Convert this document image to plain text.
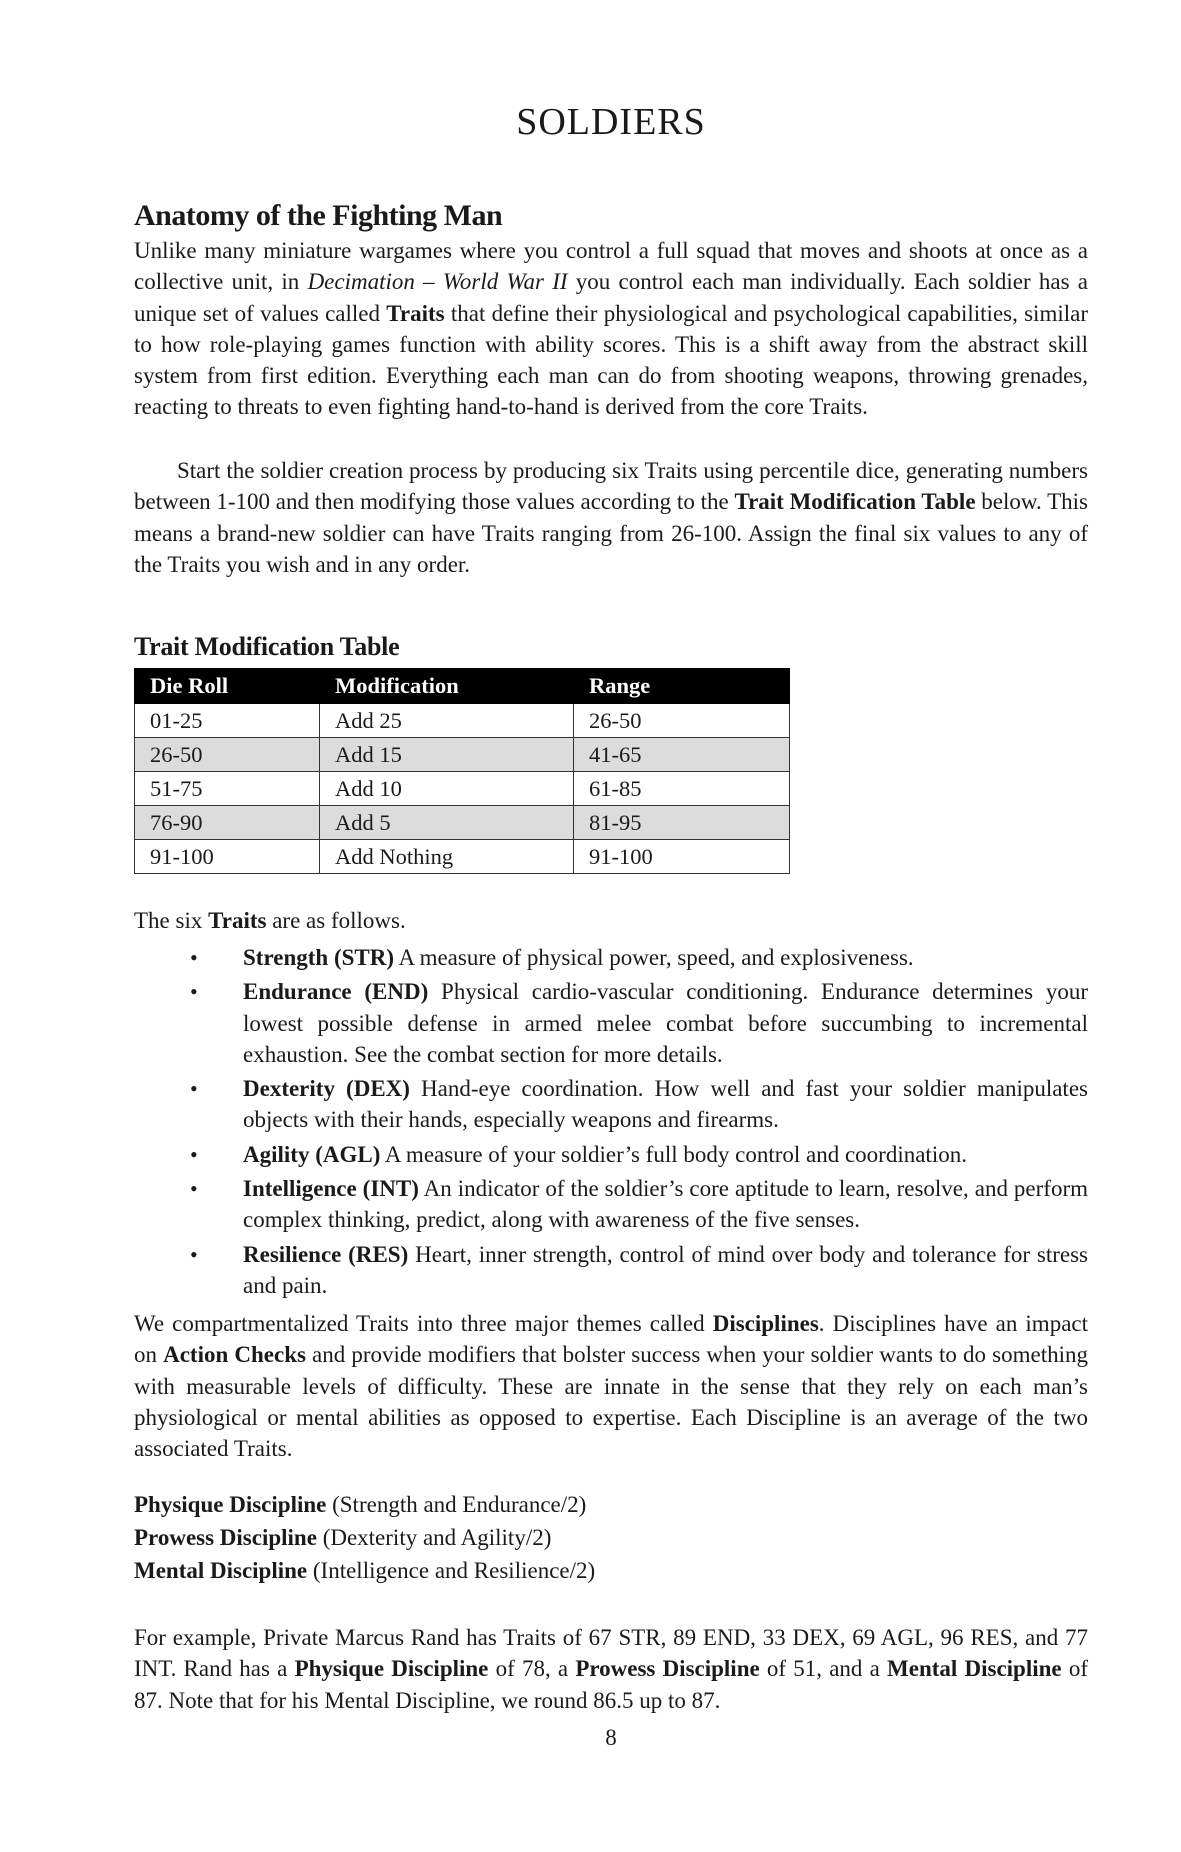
SOLDIERS
Anatomy of the Fighting Man
Unlike many miniature wargames where you control a full squad that moves and shoots at once as a collective unit, in Decimation – World War II you control each man individually. Each soldier has a unique set of values called Traits that define their physiological and psychological capabilities, similar to how role-playing games function with ability scores. This is a shift away from the abstract skill system from first edition. Everything each man can do from shooting weapons, throwing grenades, reacting to threats to even fighting hand-to-hand is derived from the core Traits.
Start the soldier creation process by producing six Traits using percentile dice, generating numbers between 1-100 and then modifying those values according to the Trait Modification Table below. This means a brand-new soldier can have Traits ranging from 26-100. Assign the final six values to any of the Traits you wish and in any order.
Trait Modification Table
Die Roll	Modification	Range
01-25	Add 25	26-50
26-50	Add 15	41-65
51-75	Add 10	61-85
76-90	Add 5	81-95
91-100	Add Nothing	91-100
The six Traits are as follows.
• Strength (STR) A measure of physical power, speed, and explosiveness.
• Endurance (END) Physical cardio-vascular conditioning. Endurance determines your lowest possible defense in armed melee combat before succumbing to incremental exhaustion. See the combat section for more details.
• Dexterity (DEX) Hand-eye coordination. How well and fast your soldier manipulates objects with their hands, especially weapons and firearms.
• Agility (AGL) A measure of your soldier’s full body control and coordination.
• Intelligence (INT) An indicator of the soldier’s core aptitude to learn, resolve, and perform complex thinking, predict, along with awareness of the five senses.
• Resilience (RES) Heart, inner strength, control of mind over body and tolerance for stress and pain.
We compartmentalized Traits into three major themes called Disciplines. Disciplines have an impact on Action Checks and provide modifiers that bolster success when your soldier wants to do something with measurable levels of difficulty. These are innate in the sense that they rely on each man’s physiological or mental abilities as opposed to expertise. Each Discipline is an average of the two associated Traits.
Physique Discipline (Strength and Endurance/2)
Prowess Discipline (Dexterity and Agility/2)
Mental Discipline (Intelligence and Resilience/2)
For example, Private Marcus Rand has Traits of 67 STR, 89 END, 33 DEX, 69 AGL, 96 RES, and 77 INT. Rand has a Physique Discipline of 78, a Prowess Discipline of 51, and a Mental Discipline of 87. Note that for his Mental Discipline, we round 86.5 up to 87.
8
